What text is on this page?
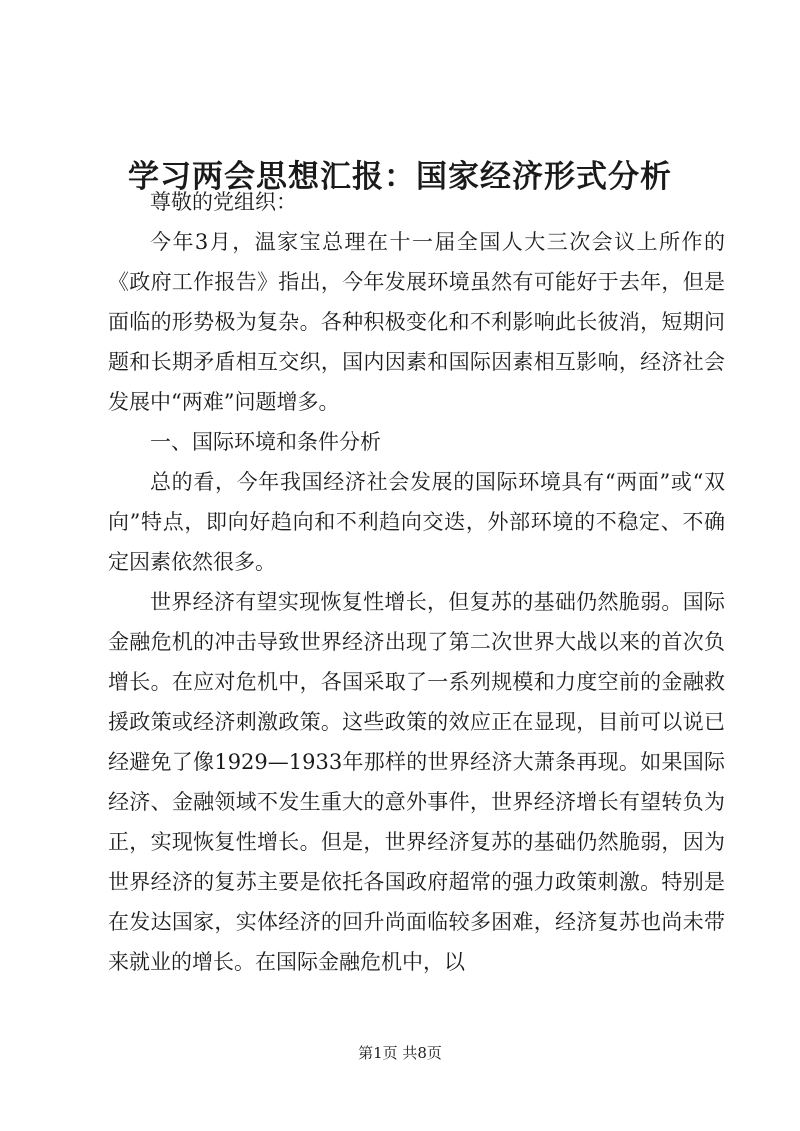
学习两会思想汇报：国家经济形式分析

尊敬的党组织：

今年3月，温家宝总理在十一届全国人大三次会议上所作的《政府工作报告》指出，今年发展环境虽然有可能好于去年，但是面临的形势极为复杂。各种积极变化和不利影响此长彼消，短期问题和长期矛盾相互交织，国内因素和国际因素相互影响，经济社会发展中“两难”问题增多。

一、国际环境和条件分析

总的看，今年我国经济社会发展的国际环境具有“两面”或“双向”特点，即向好趋向和不利趋向交迭，外部环境的不稳定、不确定因素依然很多。

世界经济有望实现恢复性增长，但复苏的基础仍然脆弱。国际金融危机的冲击导致世界经济出现了第二次世界大战以来的首次负增长。在应对危机中，各国采取了一系列规模和力度空前的金融救援政策或经济刺激政策。这些政策的效应正在显现，目前可以说已经避免了像1929—1933年那样的世界经济大萧条再现。如果国际经济、金融领域不发生重大的意外事件，世界经济增长有望转负为正，实现恢复性增长。但是，世界经济复苏的基础仍然脆弱，因为世界经济的复苏主要是依托各国政府超常的强力政策刺激。特别是在发达国家，实体经济的回升尚面临较多困难，经济复苏也尚未带来就业的增长。在国际金融危机中，以

第1页 共8页
